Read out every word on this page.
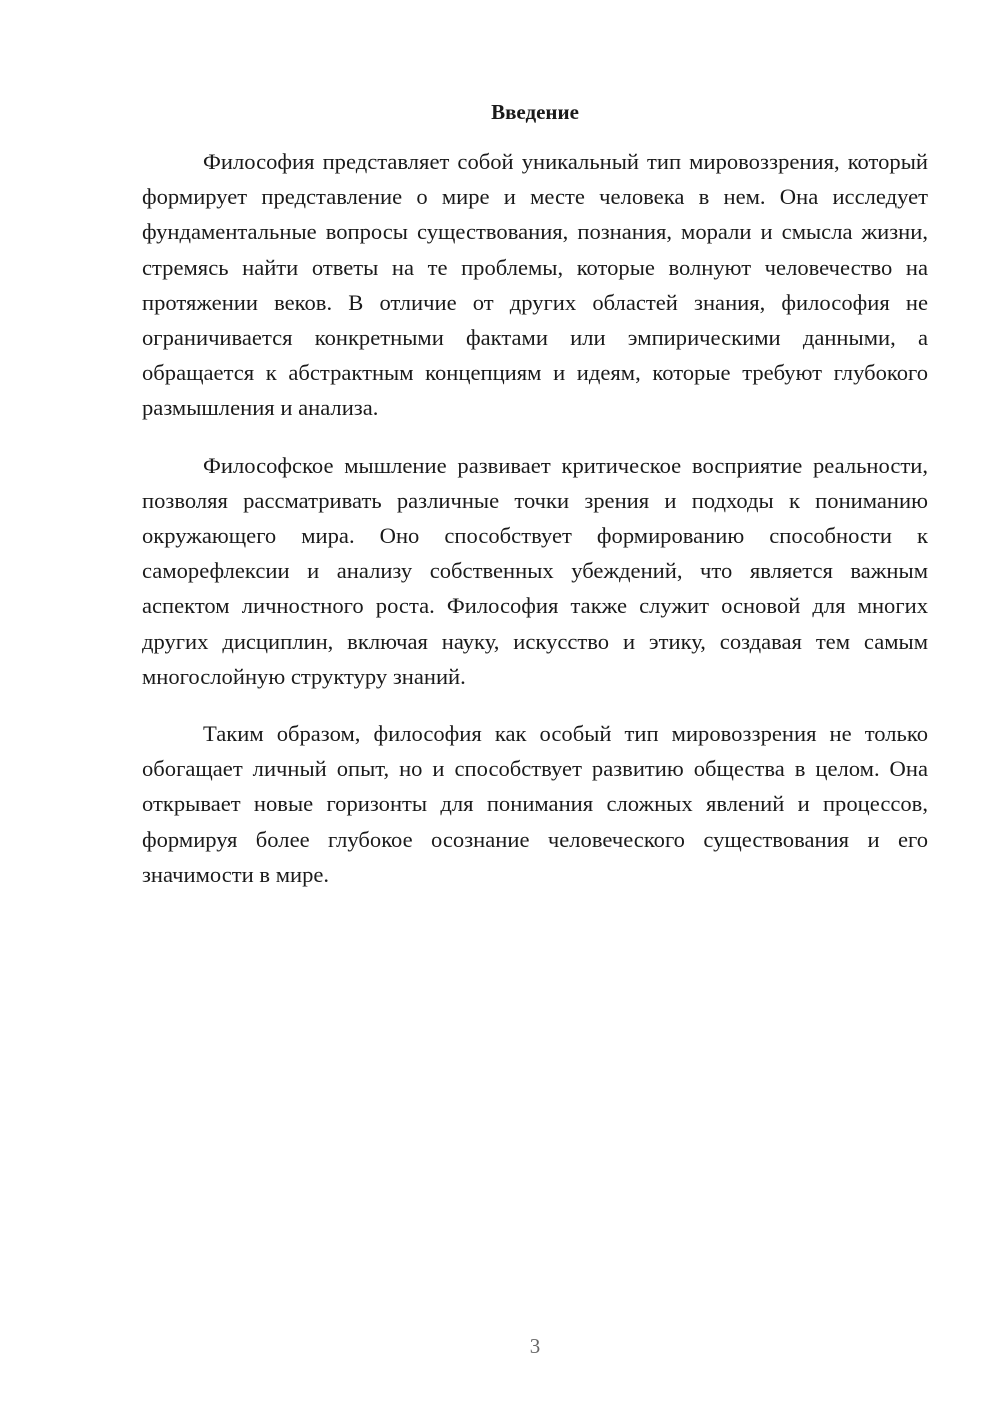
Введение

Философия представляет собой уникальный тип мировоззрения, который формирует представление о мире и месте человека в нем. Она исследует фундаментальные вопросы существования, познания, морали и смысла жизни, стремясь найти ответы на те проблемы, которые волнуют человечество на протяжении веков. В отличие от других областей знания, философия не ограничивается конкретными фактами или эмпирическими данными, а обращается к абстрактным концепциям и идеям, которые требуют глубокого размышления и анализа.

Философское мышление развивает критическое восприятие реальности, позволяя рассматривать различные точки зрения и подходы к пониманию окружающего мира. Оно способствует формированию способности к саморефлексии и анализу собственных убеждений, что является важным аспектом личностного роста. Философия также служит основой для многих других дисциплин, включая науку, искусство и этику, создавая тем самым многослойную структуру знаний.

Таким образом, философия как особый тип мировоззрения не только обогащает личный опыт, но и способствует развитию общества в целом. Она открывает новые горизонты для понимания сложных явлений и процессов, формируя более глубокое осознание человеческого существования и его значимости в мире.

3
